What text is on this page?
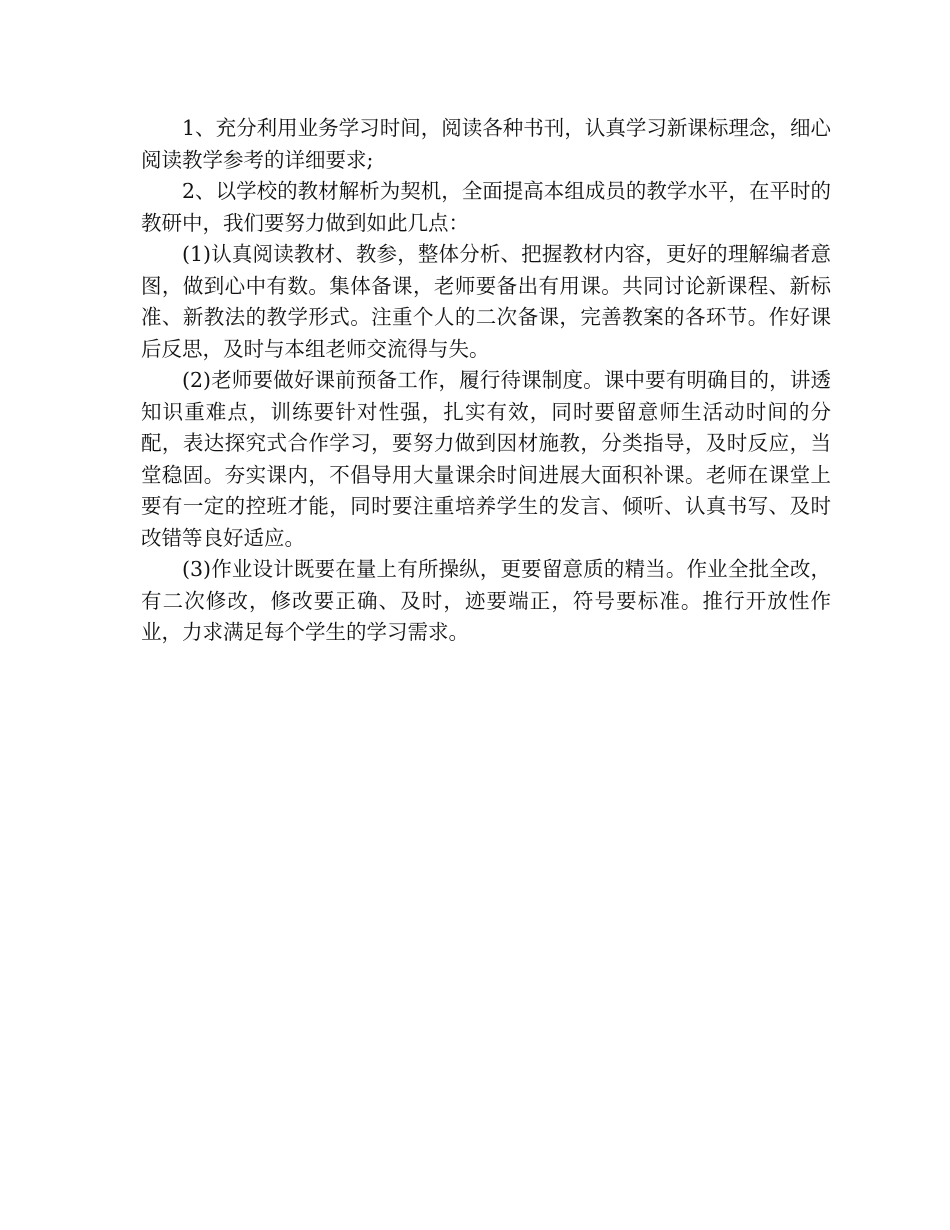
1、充分利用业务学习时间，阅读各种书刊，认真学习新课标理念，细心阅读教学参考的详细要求;

2、以学校的教材解析为契机，全面提高本组成员的教学水平，在平时的教研中，我们要努力做到如此几点：

(1)认真阅读教材、教参，整体分析、把握教材内容，更好的理解编者意图，做到心中有数。集体备课，老师要备出有用课。共同讨论新课程、新标准、新教法的教学形式。注重个人的二次备课，完善教案的各环节。作好课后反思，及时与本组老师交流得与失。

(2)老师要做好课前预备工作，履行待课制度。课中要有明确目的，讲透知识重难点，训练要针对性强，扎实有效，同时要留意师生活动时间的分配，表达探究式合作学习，要努力做到因材施教，分类指导，及时反应，当堂稳固。夯实课内，不倡导用大量课余时间进展大面积补课。老师在课堂上要有一定的控班才能，同时要注重培养学生的发言、倾听、认真书写、及时改错等良好适应。

(3)作业设计既要在量上有所操纵，更要留意质的精当。作业全批全改，有二次修改，修改要正确、及时，迹要端正，符号要标准。推行开放性作业，力求满足每个学生的学习需求。
